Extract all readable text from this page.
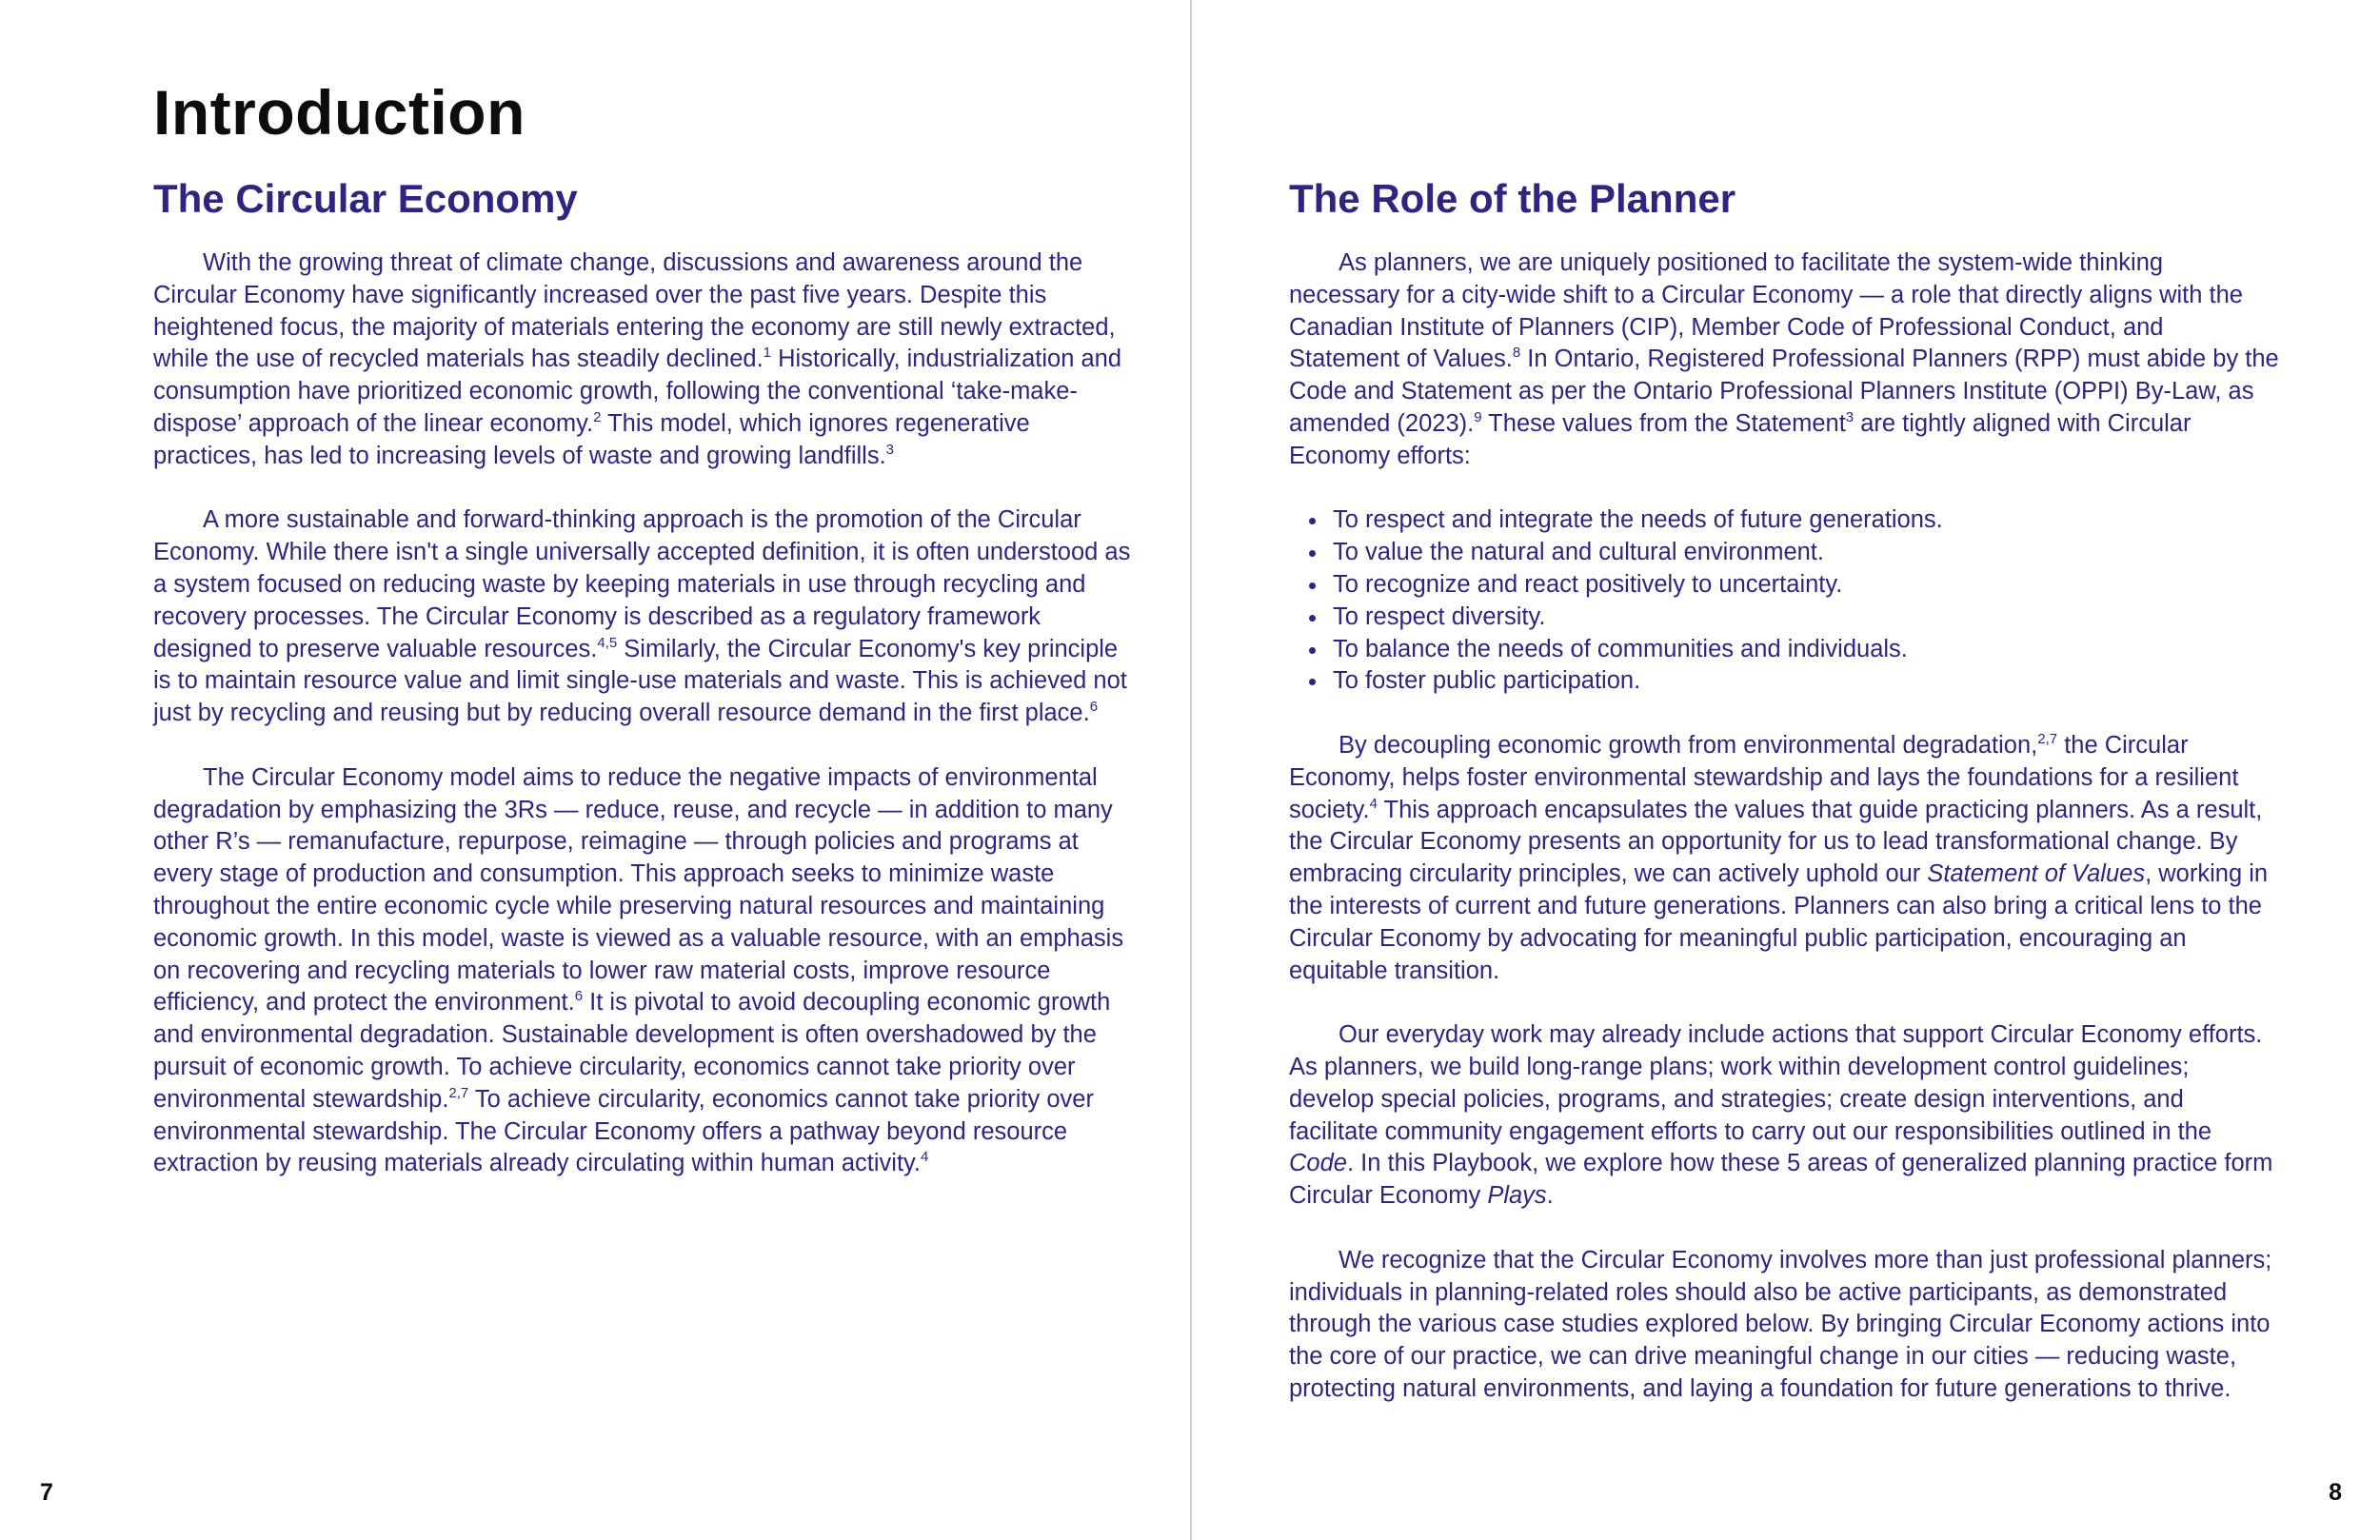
Introduction
The Circular Economy

With the growing threat of climate change, discussions and awareness around the Circular Economy have significantly increased over the past five years. Despite this heightened focus, the majority of materials entering the economy are still newly extracted, while the use of recycled materials has steadily declined.$^1$ Historically, industrialization and consumption have prioritized economic growth, following the conventional ‘take-make-dispose’ approach of the linear economy.$^2$ This model, which ignores regenerative practices, has led to increasing levels of waste and growing landfills.$^3$

A more sustainable and forward-thinking approach is the promotion of the Circular Economy. While there isn't a single universally accepted definition, it is often understood as a system focused on reducing waste by keeping materials in use through recycling and recovery processes. The Circular Economy is described as a regulatory framework designed to preserve valuable resources.$^{4,5}$ Similarly, the Circular Economy's key principle is to maintain resource value and limit single-use materials and waste. This is achieved not just by recycling and reusing but by reducing overall resource demand in the first place.$^6$

The Circular Economy model aims to reduce the negative impacts of environmental degradation by emphasizing the 3Rs — reduce, reuse, and recycle — in addition to many other R’s — remanufacture, repurpose, reimagine — through policies and programs at every stage of production and consumption. This approach seeks to minimize waste throughout the entire economic cycle while preserving natural resources and maintaining economic growth. In this model, waste is viewed as a valuable resource, with an emphasis on recovering and recycling materials to lower raw material costs, improve resource efficiency, and protect the environment.$^6$ It is pivotal to avoid decoupling economic growth and environmental degradation. Sustainable development is often overshadowed by the pursuit of economic growth. To achieve circularity, economics cannot take priority over environmental stewardship.$^{2,7}$ To achieve circularity, economics cannot take priority over environmental stewardship. The Circular Economy offers a pathway beyond resource extraction by reusing materials already circulating within human activity.$^4$

7
The Role of the Planner

As planners, we are uniquely positioned to facilitate the system-wide thinking necessary for a city-wide shift to a Circular Economy — a role that directly aligns with the Canadian Institute of Planners (CIP), Member Code of Professional Conduct, and Statement of Values.$^8$ In Ontario, Registered Professional Planners (RPP) must abide by the Code and Statement as per the Ontario Professional Planners Institute (OPPI) By-Law, as amended (2023).$^9$ These values from the Statement$^3$ are tightly aligned with Circular Economy efforts:

• To respect and integrate the needs of future generations.
• To value the natural and cultural environment.
• To recognize and react positively to uncertainty.
• To respect diversity.
• To balance the needs of communities and individuals.
• To foster public participation.

By decoupling economic growth from environmental degradation,$^{2,7}$ the Circular Economy, helps foster environmental stewardship and lays the foundations for a resilient society.$^4$ This approach encapsulates the values that guide practicing planners. As a result, the Circular Economy presents an opportunity for us to lead transformational change. By embracing circularity principles, we can actively uphold our Statement of Values, working in the interests of current and future generations. Planners can also bring a critical lens to the Circular Economy by advocating for meaningful public participation, encouraging an equitable transition.

Our everyday work may already include actions that support Circular Economy efforts. As planners, we build long-range plans; work within development control guidelines; develop special policies, programs, and strategies; create design interventions, and facilitate community engagement efforts to carry out our responsibilities outlined in the Code. In this Playbook, we explore how these 5 areas of generalized planning practice form Circular Economy Plays.

We recognize that the Circular Economy involves more than just professional planners; individuals in planning-related roles should also be active participants, as demonstrated through the various case studies explored below. By bringing Circular Economy actions into the core of our practice, we can drive meaningful change in our cities — reducing waste, protecting natural environments, and laying a foundation for future generations to thrive.

8
